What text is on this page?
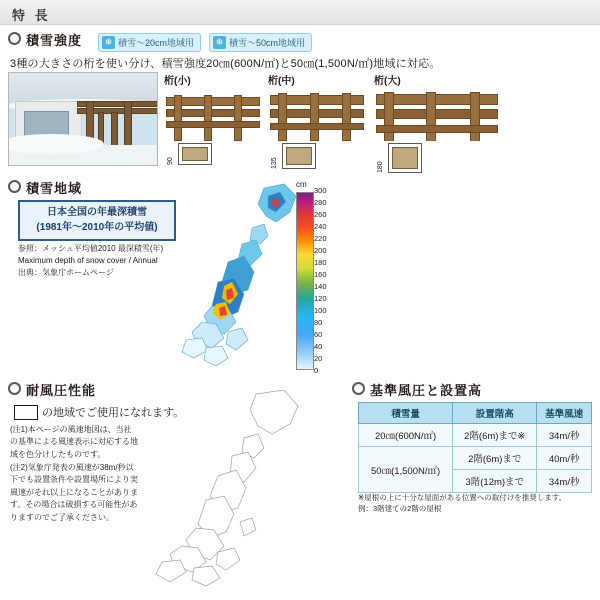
特 長
積雪強度	❄ 積雪～20cm地域用	❄ 積雪～50cm地域用
3種の大きさの桁を使い分け、積雪強度20㎝(600N/㎡)と50㎝(1,500N/㎡)地域に対応。
桁(小)
90
桁(中)
135
桁(大)
180
積雪地域
日本全国の年最深積雪
(1981年～2010年の平均値)
参照：メッシュ平均値2010 最深積雪(年)
Maximum depth of snow cover / Annual
出典：気象庁ホームページ
cm
300
280
260
240
220
200
180
160
140
120
100
80
60
40
20
0
耐風圧性能
の地域でご使用になれます。
(注1)本ページの風速地図は、当社の基準による風速表示に対応する地域を色分けしたものです。
(注2)気象庁発表の風速が38m/秒以下でも設置条件や設置場所により実風速がそれ以上になることがあります。その場合は破損する可能性がありますのでご了承ください。
基準風圧と設置高
積雪量	設置階高	基準風速
20㎝(600N/㎡)	2階(6m)まで※	34m/秒
50㎝(1,500N/㎡)	2階(6m)まで	40m/秒
	3階(12m)まで	34m/秒
※屋根の上に十分な屋面がある位置への取付けを推奨します。
例：3階建ての2階の屋根
